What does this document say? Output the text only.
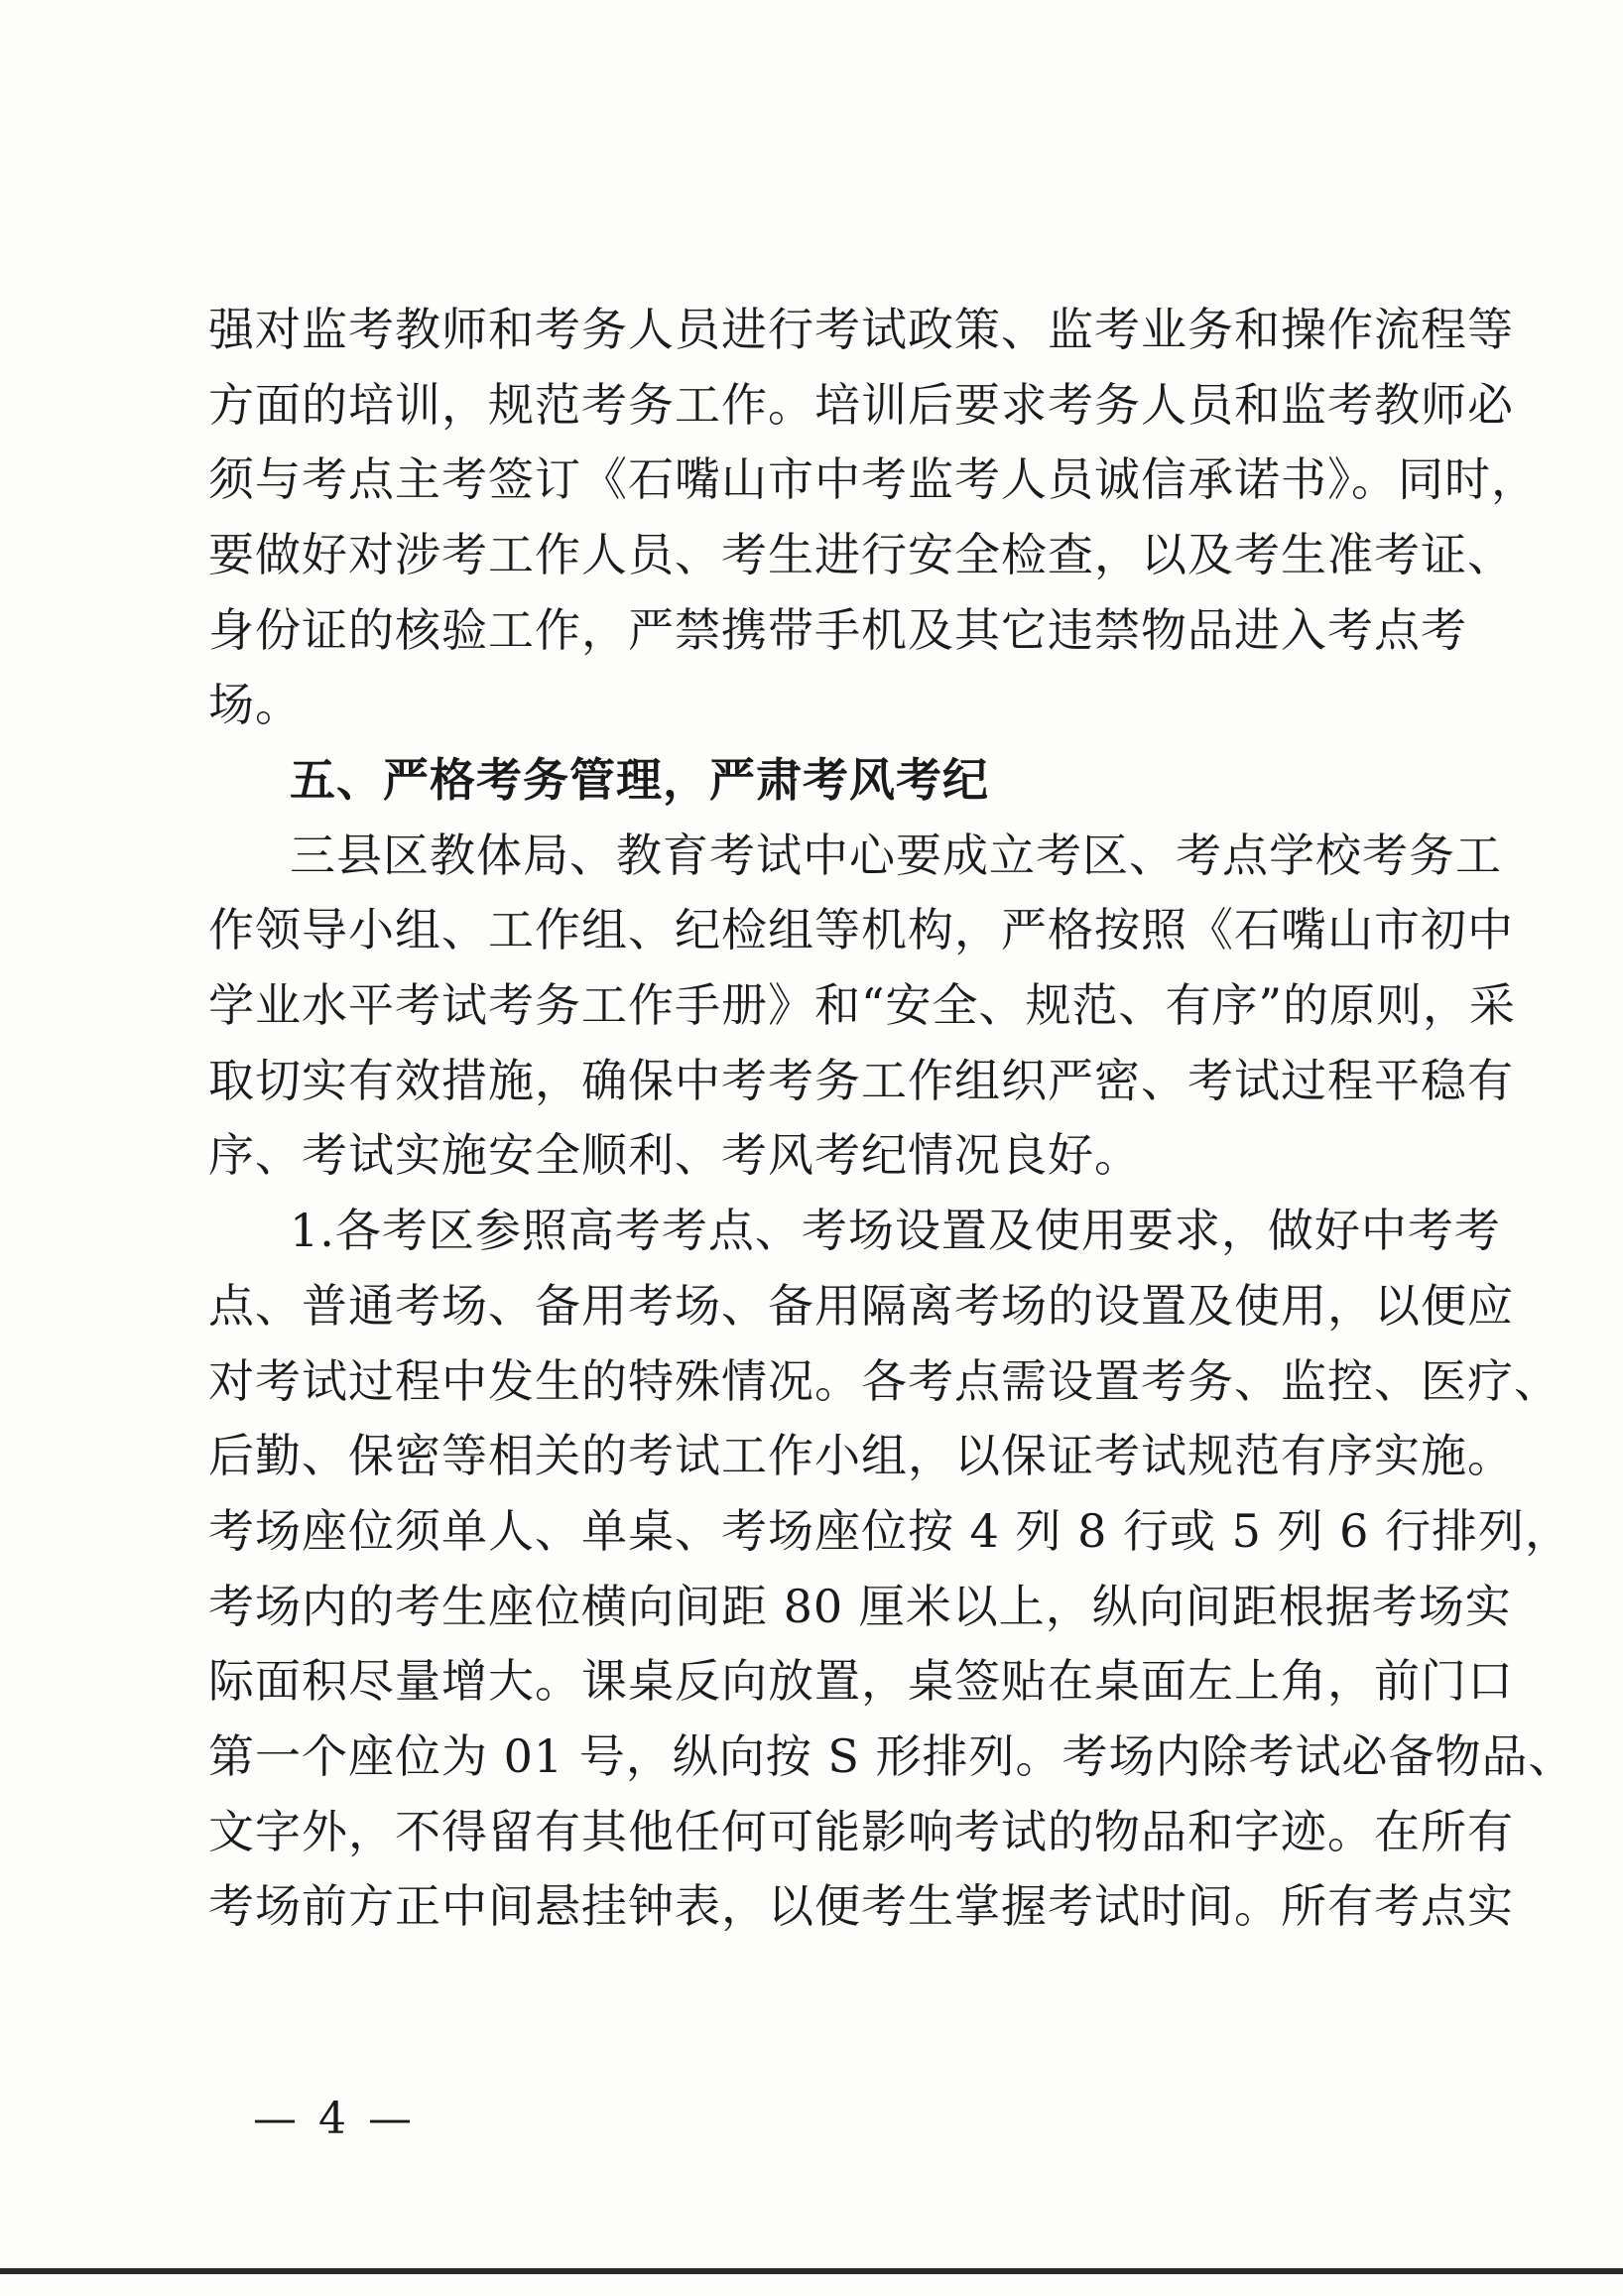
强对监考教师和考务人员进行考试政策、监考业务和操作流程等
方面的培训，规范考务工作。培训后要求考务人员和监考教师必
须与考点主考签订《石嘴山市中考监考人员诚信承诺书》。同时，
要做好对涉考工作人员、考生进行安全检查，以及考生准考证、
身份证的核验工作，严禁携带手机及其它违禁物品进入考点考
场。
五、严格考务管理，严肃考风考纪
三县区教体局、教育考试中心要成立考区、考点学校考务工
作领导小组、工作组、纪检组等机构，严格按照《石嘴山市初中
学业水平考试考务工作手册》和“安全、规范、有序”的原则，采
取切实有效措施，确保中考考务工作组织严密、考试过程平稳有
序、考试实施安全顺利、考风考纪情况良好。
1.各考区参照高考考点、考场设置及使用要求，做好中考考
点、普通考场、备用考场、备用隔离考场的设置及使用，以便应
对考试过程中发生的特殊情况。各考点需设置考务、监控、医疗、
后勤、保密等相关的考试工作小组，以保证考试规范有序实施。
考场座位须单人、单桌、考场座位按 4 列 8 行或 5 列 6 行排列，
考场内的考生座位横向间距 80 厘米以上，纵向间距根据考场实
际面积尽量增大。课桌反向放置，桌签贴在桌面左上角，前门口
第一个座位为 01 号，纵向按 S 形排列。考场内除考试必备物品、
文字外，不得留有其他任何可能影响考试的物品和字迹。在所有
考场前方正中间悬挂钟表，以便考生掌握考试时间。所有考点实
— 4 —
